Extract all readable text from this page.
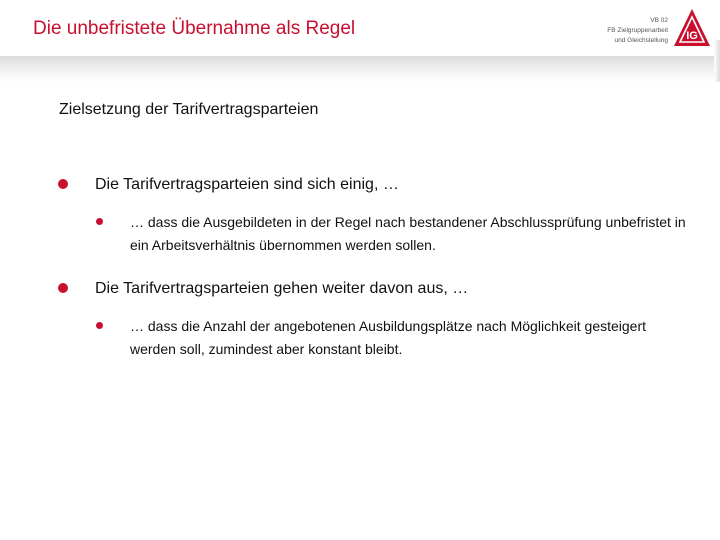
Die unbefristete Übernahme als Regel	VB 02
FB Zielgruppenarbeit
und Gleichstellung IG
Zielsetzung der Tarifvertragsparteien
Die Tarifvertragsparteien sind sich einig, …
… dass die Ausgebildeten in der Regel nach bestandener Abschlussprüfung unbefristet in ein Arbeitsverhältnis übernommen werden sollen.
Die Tarifvertragsparteien gehen weiter davon aus, …
… dass die Anzahl der angebotenen Ausbildungsplätze nach Möglichkeit gesteigert werden soll, zumindest aber konstant bleibt.
